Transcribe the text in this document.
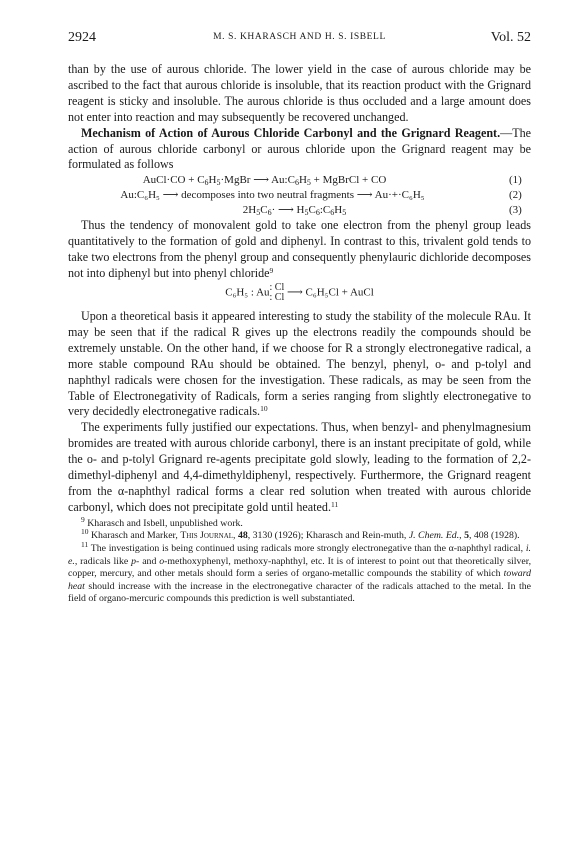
2924	M. S. KHARASCH AND H. S. ISBELL	Vol. 52

than by the use of aurous chloride. The lower yield in the case of aurous chloride may be ascribed to the fact that aurous chloride is insoluble, that its reaction product with the Grignard reagent is sticky and insoluble. The aurous chloride is thus occluded and a large amount does not enter into reaction and may subsequently be recovered unchanged.

Mechanism of Action of Aurous Chloride Carbonyl and the Grignard Reagent.—The action of aurous chloride carbonyl or aurous chloride upon the Grignard reagent may be formulated as follows

AuCl·CO + $C_6H_5\cdot MgBr$ ⟶ $Au:C_6H_5$ + MgBrCl + CO	(1)
Au:C₆H₅ ⟶ decomposes into two neutral fragments ⟶ Au·+·C₆H₅	(2)
$2H_5C_6\cdot$ ⟶ $H_5C_6:C_6H_5$	(3)

Thus the tendency of monovalent gold to take one electron from the phenyl group leads quantitatively to the formation of gold and diphenyl. In contrast to this, trivalent gold tends to take two electrons from the phenyl group and consequently phenylauric dichloride decomposes not into diphenyl but into phenyl chloride$^9$

C₆H₅ : Au: Cl
: Cl ⟶ C₆H₅Cl + AuCl

Upon a theoretical basis it appeared interesting to study the stability of the molecule RAu. It may be seen that if the radical R gives up the electrons readily the compounds should be extremely unstable. On the other hand, if we choose for R a strongly electronegative radical, a more stable compound RAu should be obtained. The benzyl, phenyl, o- and p-tolyl and naphthyl radicals were chosen for the investigation. These radicals, as may be seen from the Table of Electronegativity of Radicals, form a series ranging from slightly electronegative to very decidedly electronegative radicals.$^{10}$

The experiments fully justified our expectations. Thus, when benzyl- and phenylmagnesium bromides are treated with aurous chloride carbonyl, there is an instant precipitate of gold, while the o- and p-tolyl Grignard re-agents precipitate gold slowly, leading to the formation of 2,2-dimethyl-diphenyl and 4,4-dimethyldiphenyl, respectively. Furthermore, the Grignard reagent from the α-naphthyl radical forms a clear red solution when treated with aurous chloride carbonyl, which does not precipitate gold until heated.$^{11}$

$^9$ Kharasch and Isbell, unpublished work.

$^{10}$ Kharasch and Marker, This Journal, 48, 3130 (1926); Kharasch and Rein-muth, J. Chem. Ed., 5, 408 (1928).

$^{11}$ The investigation is being continued using radicals more strongly electronegative than the α-naphthyl radical, i. e., radicals like p- and o-methoxyphenyl, methoxy-naphthyl, etc. It is of interest to point out that theoretically silver, copper, mercury, and other metals should form a series of organo-metallic compounds the stability of which toward heat should increase with the increase in the electronegative character of the radicals attached to the metal. In the field of organo-mercuric compounds this prediction is well substantiated.
